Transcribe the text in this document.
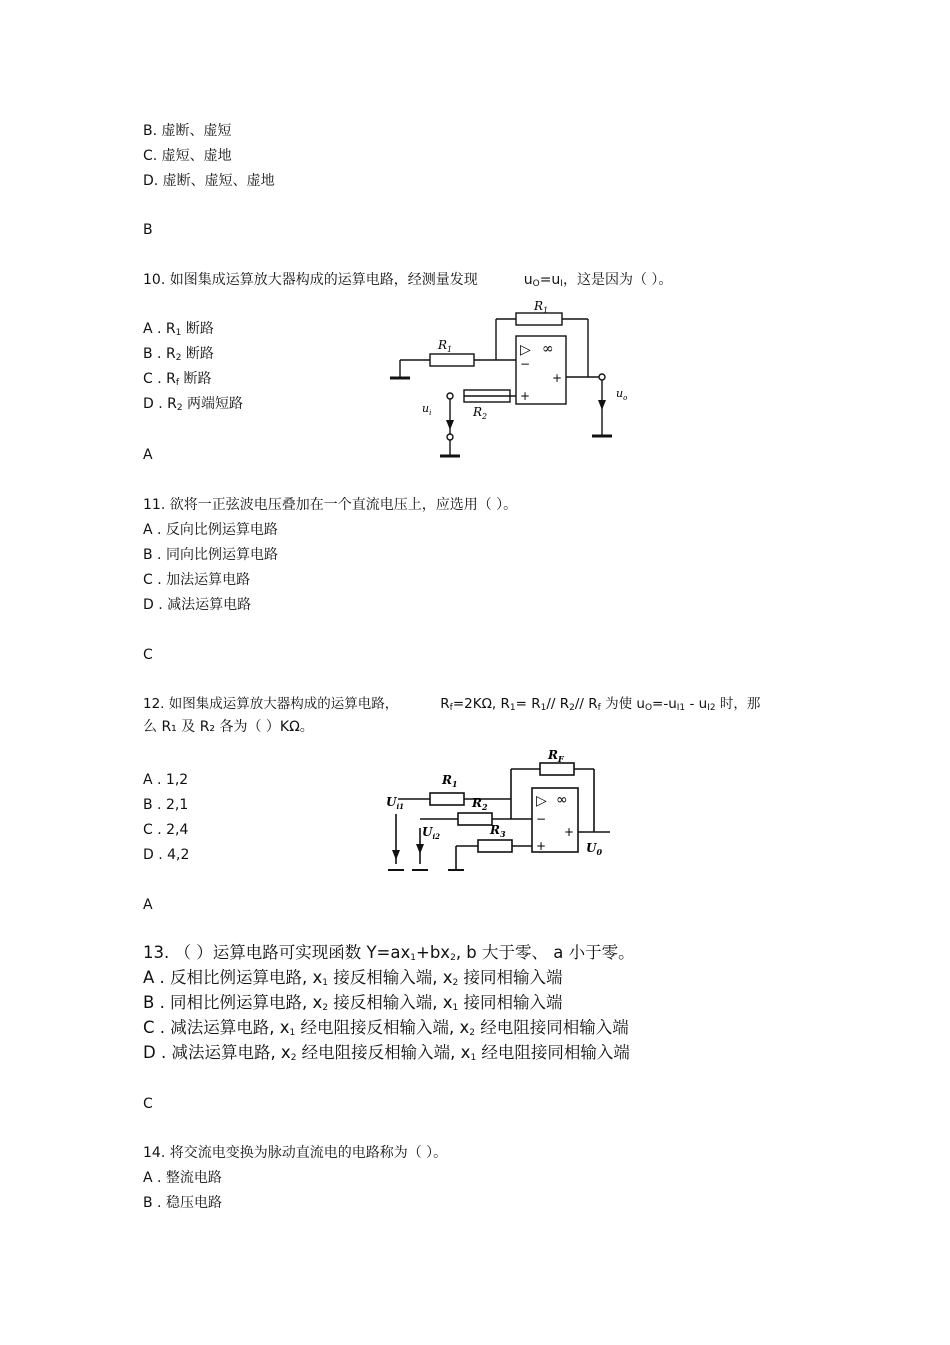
B. 虚断、虚短
C. 虚短、虚地
D. 虚断、虚短、虚地
B
10. 如图集成运算放大器构成的运算电路，经测量发现	$u_O=u_I$，这是因为（ ）。
A . $R_1$ 断路
B . $R_2$ 断路
C . $R_f$ 断路
D . $R_2$ 两端短路
A
$R_1$
$R_1$
$R_2$
$u_i$
$u_o$
▷ ∞
−
+
+
11. 欲将一正弦波电压叠加在一个直流电压上，应选用（ ）。
A . 反向比例运算电路
B . 同向比例运算电路
C . 加法运算电路
D . 减法运算电路
C
12. 如图集成运算放大器构成的运算电路，	$R_f=2K\Omega$, $R_1= R_1//$ $R_2//$ $R_f$ 为使 $u_O=-u_{I1} - u_{I2}$ 时，那
么 R₁ 及 R₂ 各为（ ）KΩ。
A . 1,2
B . 2,1
C . 2,4
D . 4,2
A
$R_F$
$R_1$
$R_2$
$R_3$
$U_{i1}$
$U_{i2}$
$U_0$
▷ ∞
−
+
+
13. （ ）运算电路可实现函数 $Y=ax_1+bx_2$, b 大于零、 a 小于零。
A . 反相比例运算电路, $x_1$ 接反相输入端, $x_2$ 接同相输入端
B . 同相比例运算电路, $x_2$ 接反相输入端, $x_1$ 接同相输入端
C . 减法运算电路, $x_1$ 经电阻接反相输入端, $x_2$ 经电阻接同相输入端
D . 减法运算电路, $x_2$ 经电阻接反相输入端, $x_1$ 经电阻接同相输入端
C
14. 将交流电变换为脉动直流电的电路称为（ ）。
A . 整流电路
B . 稳压电路
